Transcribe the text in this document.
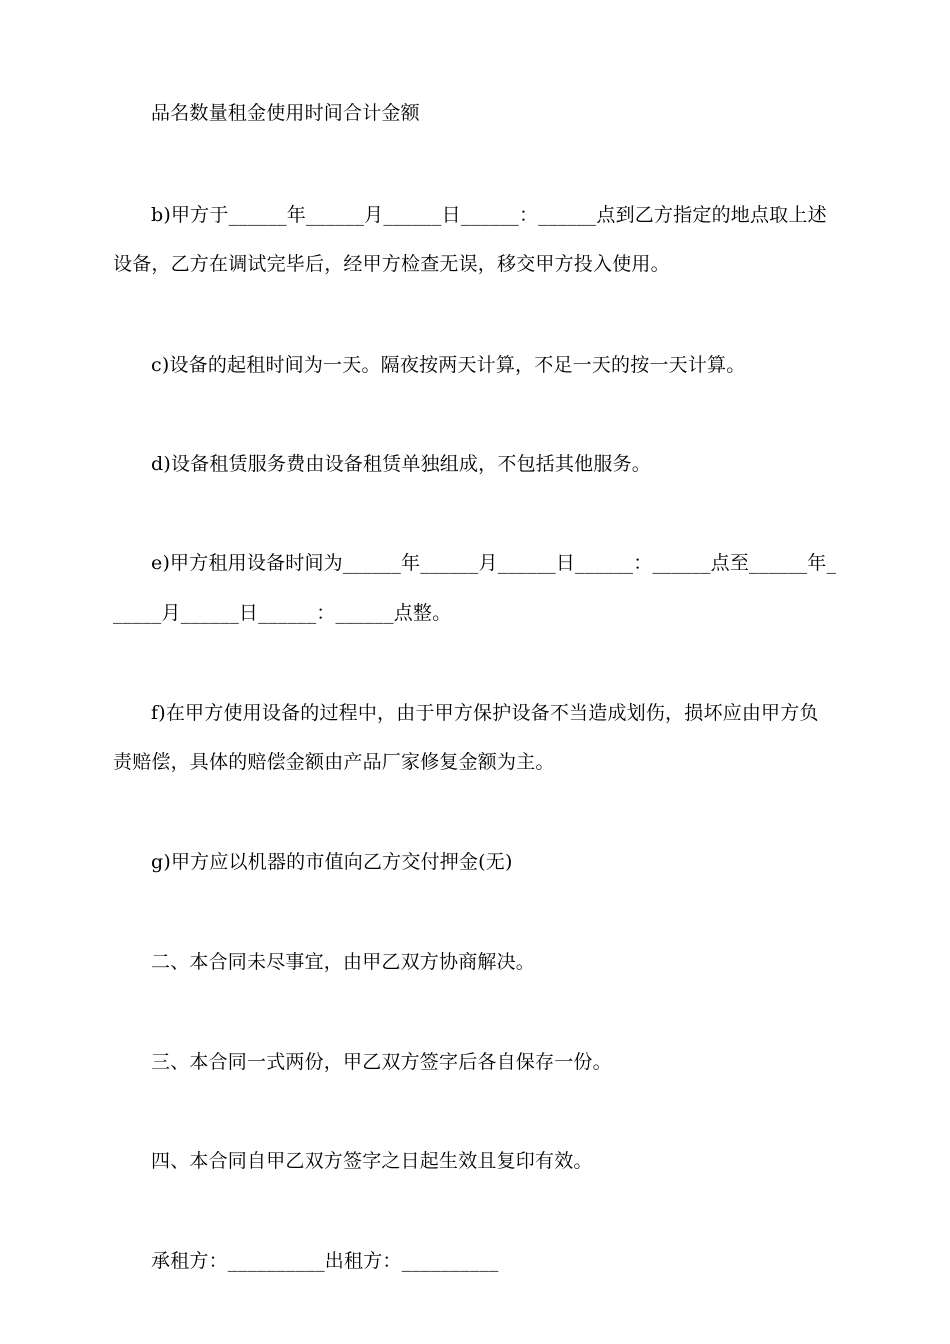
品名数量租金使用时间合计金额

b)甲方于______年______月______日______：______点到乙方指定的地点取上述

设备，乙方在调试完毕后，经甲方检查无误，移交甲方投入使用。

c)设备的起租时间为一天。隔夜按两天计算，不足一天的按一天计算。

d)设备租赁服务费由设备租赁单独组成，不包括其他服务。

e)甲方租用设备时间为______年______月______日______：______点至______年_

_____月______日______：______点整。

f)在甲方使用设备的过程中，由于甲方保护设备不当造成划伤，损坏应由甲方负

责赔偿，具体的赔偿金额由产品厂家修复金额为主。

g)甲方应以机器的市值向乙方交付押金(无)

二、本合同未尽事宜，由甲乙双方协商解决。

三、本合同一式两份，甲乙双方签字后各自保存一份。

四、本合同自甲乙双方签字之日起生效且复印有效。

承租方：__________出租方：__________
